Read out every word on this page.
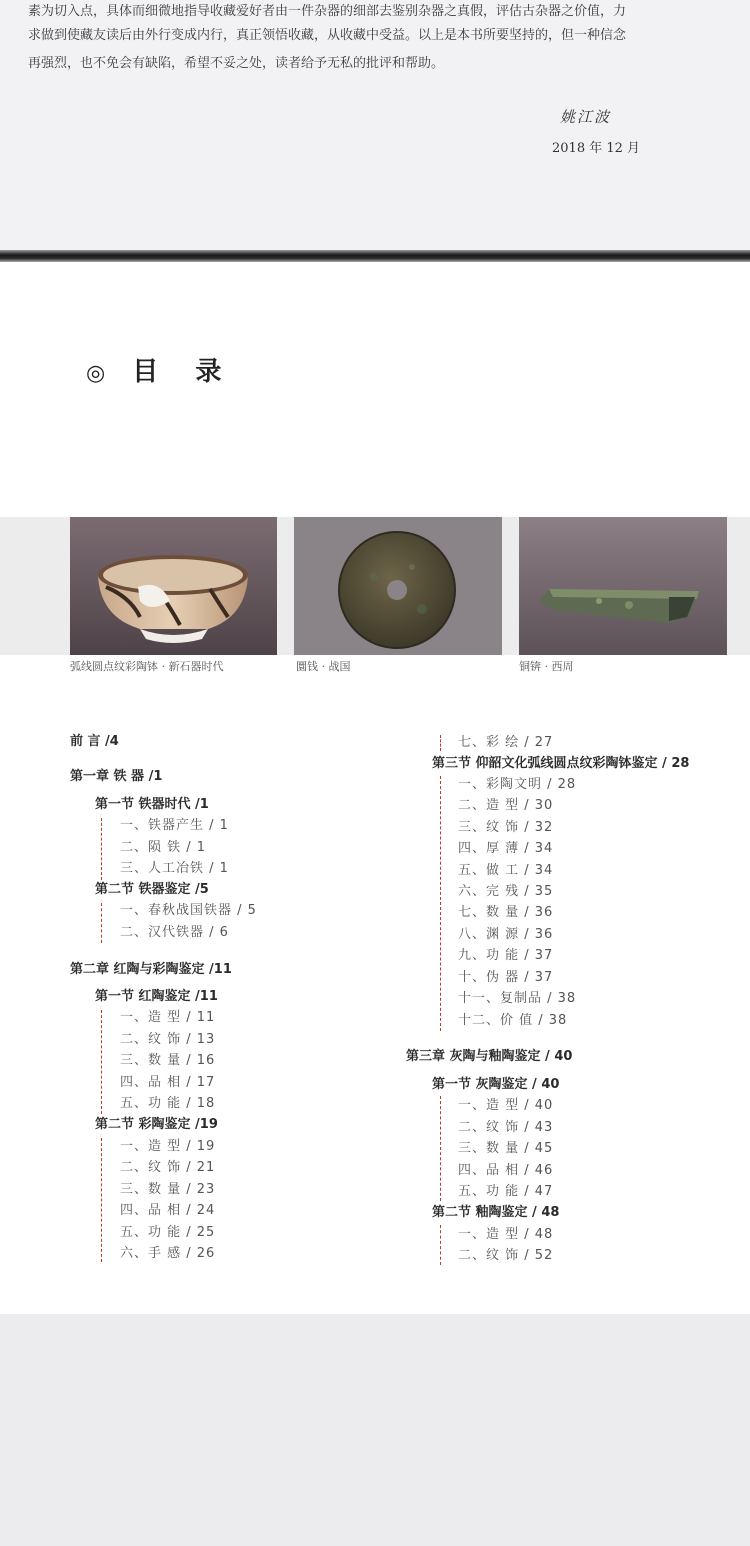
素为切入点，具体而细微地指导收藏爱好者由一件杂器的细部去鉴别杂器之真假，评估古杂器之价值，力
求做到使藏友读后由外行变成内行，真正领悟收藏，从收藏中受益。以上是本书所要坚持的，但一种信念
再强烈，也不免会有缺陷，希望不妥之处，读者给予无私的批评和帮助。
姚江波
2018 年 12 月
◎ 目 录
弧线圆点纹彩陶钵 · 新石器时代	圜钱 · 战国	铜锛 · 西周
前 言 /4
第一章 铁 器 /1
第一节 铁器时代 /1
一、铁器产生 / 1
二、陨 铁 / 1
三、人工冶铁 / 1
第二节 铁器鉴定 /5
一、春秋战国铁器 / 5
二、汉代铁器 / 6
第二章 红陶与彩陶鉴定 /11
第一节 红陶鉴定 /11
一、造 型 / 11
二、纹 饰 / 13
三、数 量 / 16
四、品 相 / 17
五、功 能 / 18
第二节 彩陶鉴定 /19
一、造 型 / 19
二、纹 饰 / 21
三、数 量 / 23
四、品 相 / 24
五、功 能 / 25
六、手 感 / 26
七、彩 绘 / 27
第三节 仰韶文化弧线圆点纹彩陶钵鉴定 / 28
一、彩陶文明 / 28
二、造 型 / 30
三、纹 饰 / 32
四、厚 薄 / 34
五、做 工 / 34
六、完 残 / 35
七、数 量 / 36
八、渊 源 / 36
九、功 能 / 37
十、伪 器 / 37
十一、复制品 / 38
十二、价 值 / 38
第三章 灰陶与釉陶鉴定 / 40
第一节 灰陶鉴定 / 40
一、造 型 / 40
二、纹 饰 / 43
三、数 量 / 45
四、品 相 / 46
五、功 能 / 47
第二节 釉陶鉴定 / 48
一、造 型 / 48
二、纹 饰 / 52
